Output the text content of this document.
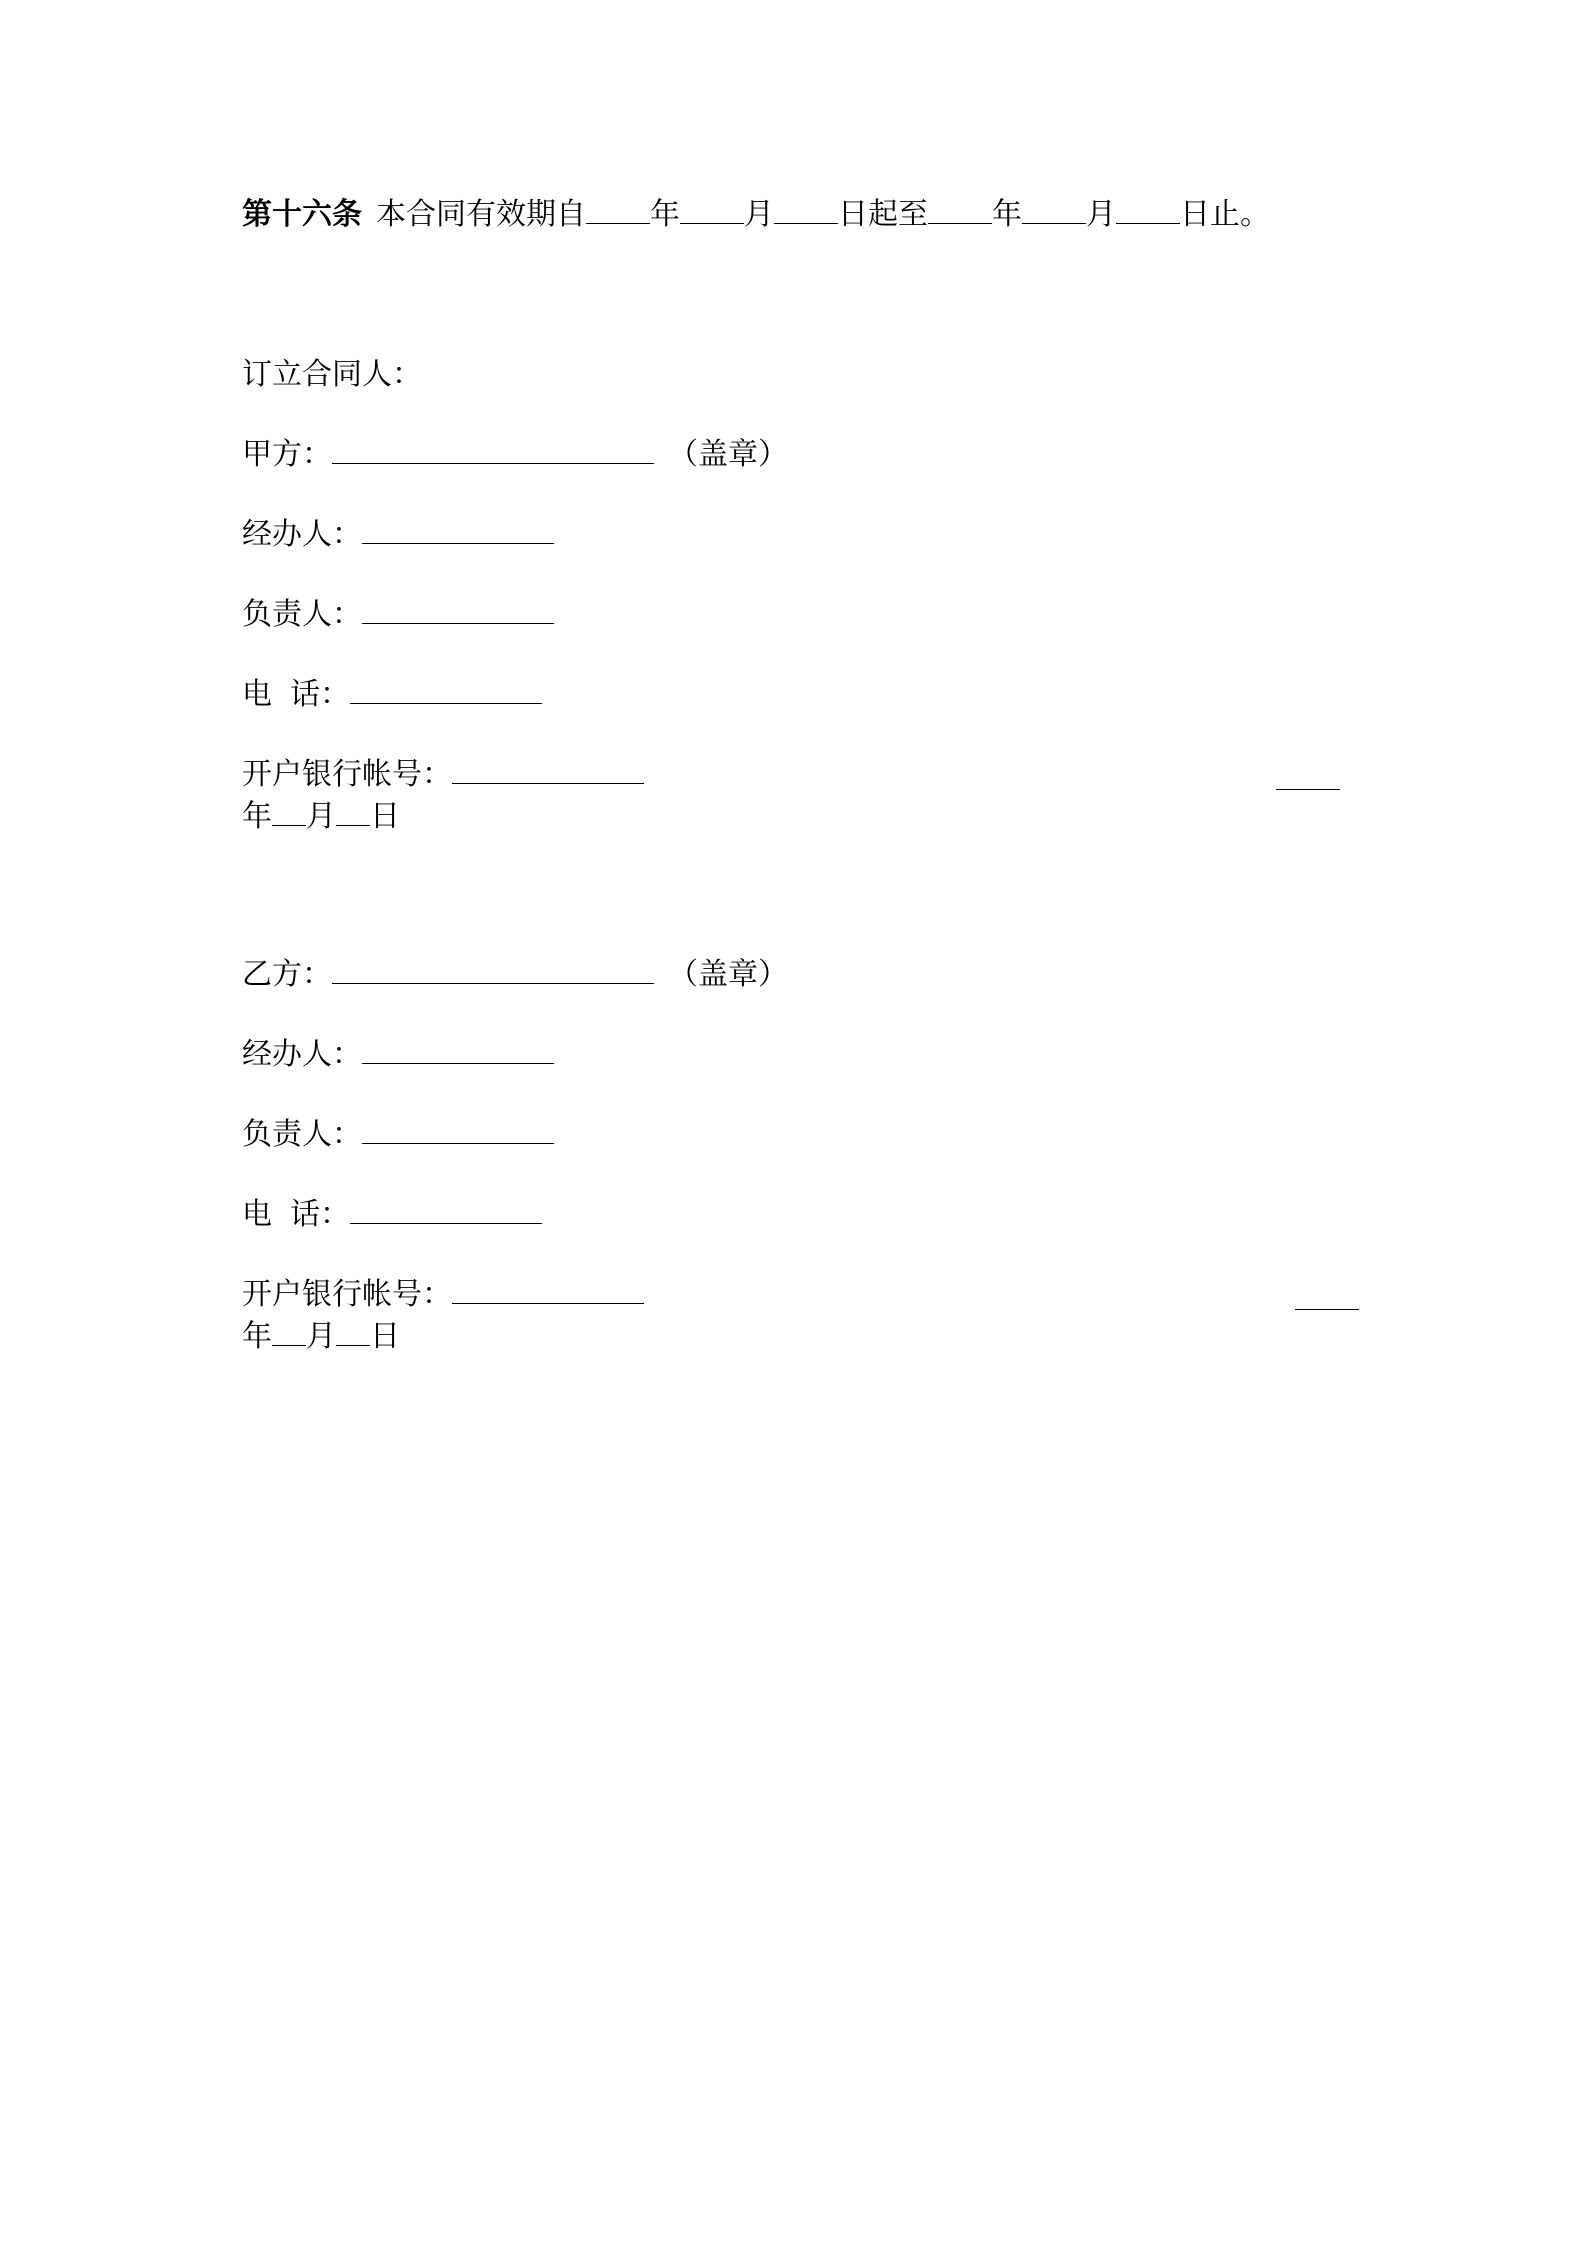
第十六条 本合同有效期自 年 月 日起至 年 月 日止。
订立合同人：
甲方：	（盖章）
经办人：
负责人：
电 话：
开户银行帐号：
年 月 日
乙方：	（盖章）
经办人：
负责人：
电 话：
开户银行帐号：
年 月 日
